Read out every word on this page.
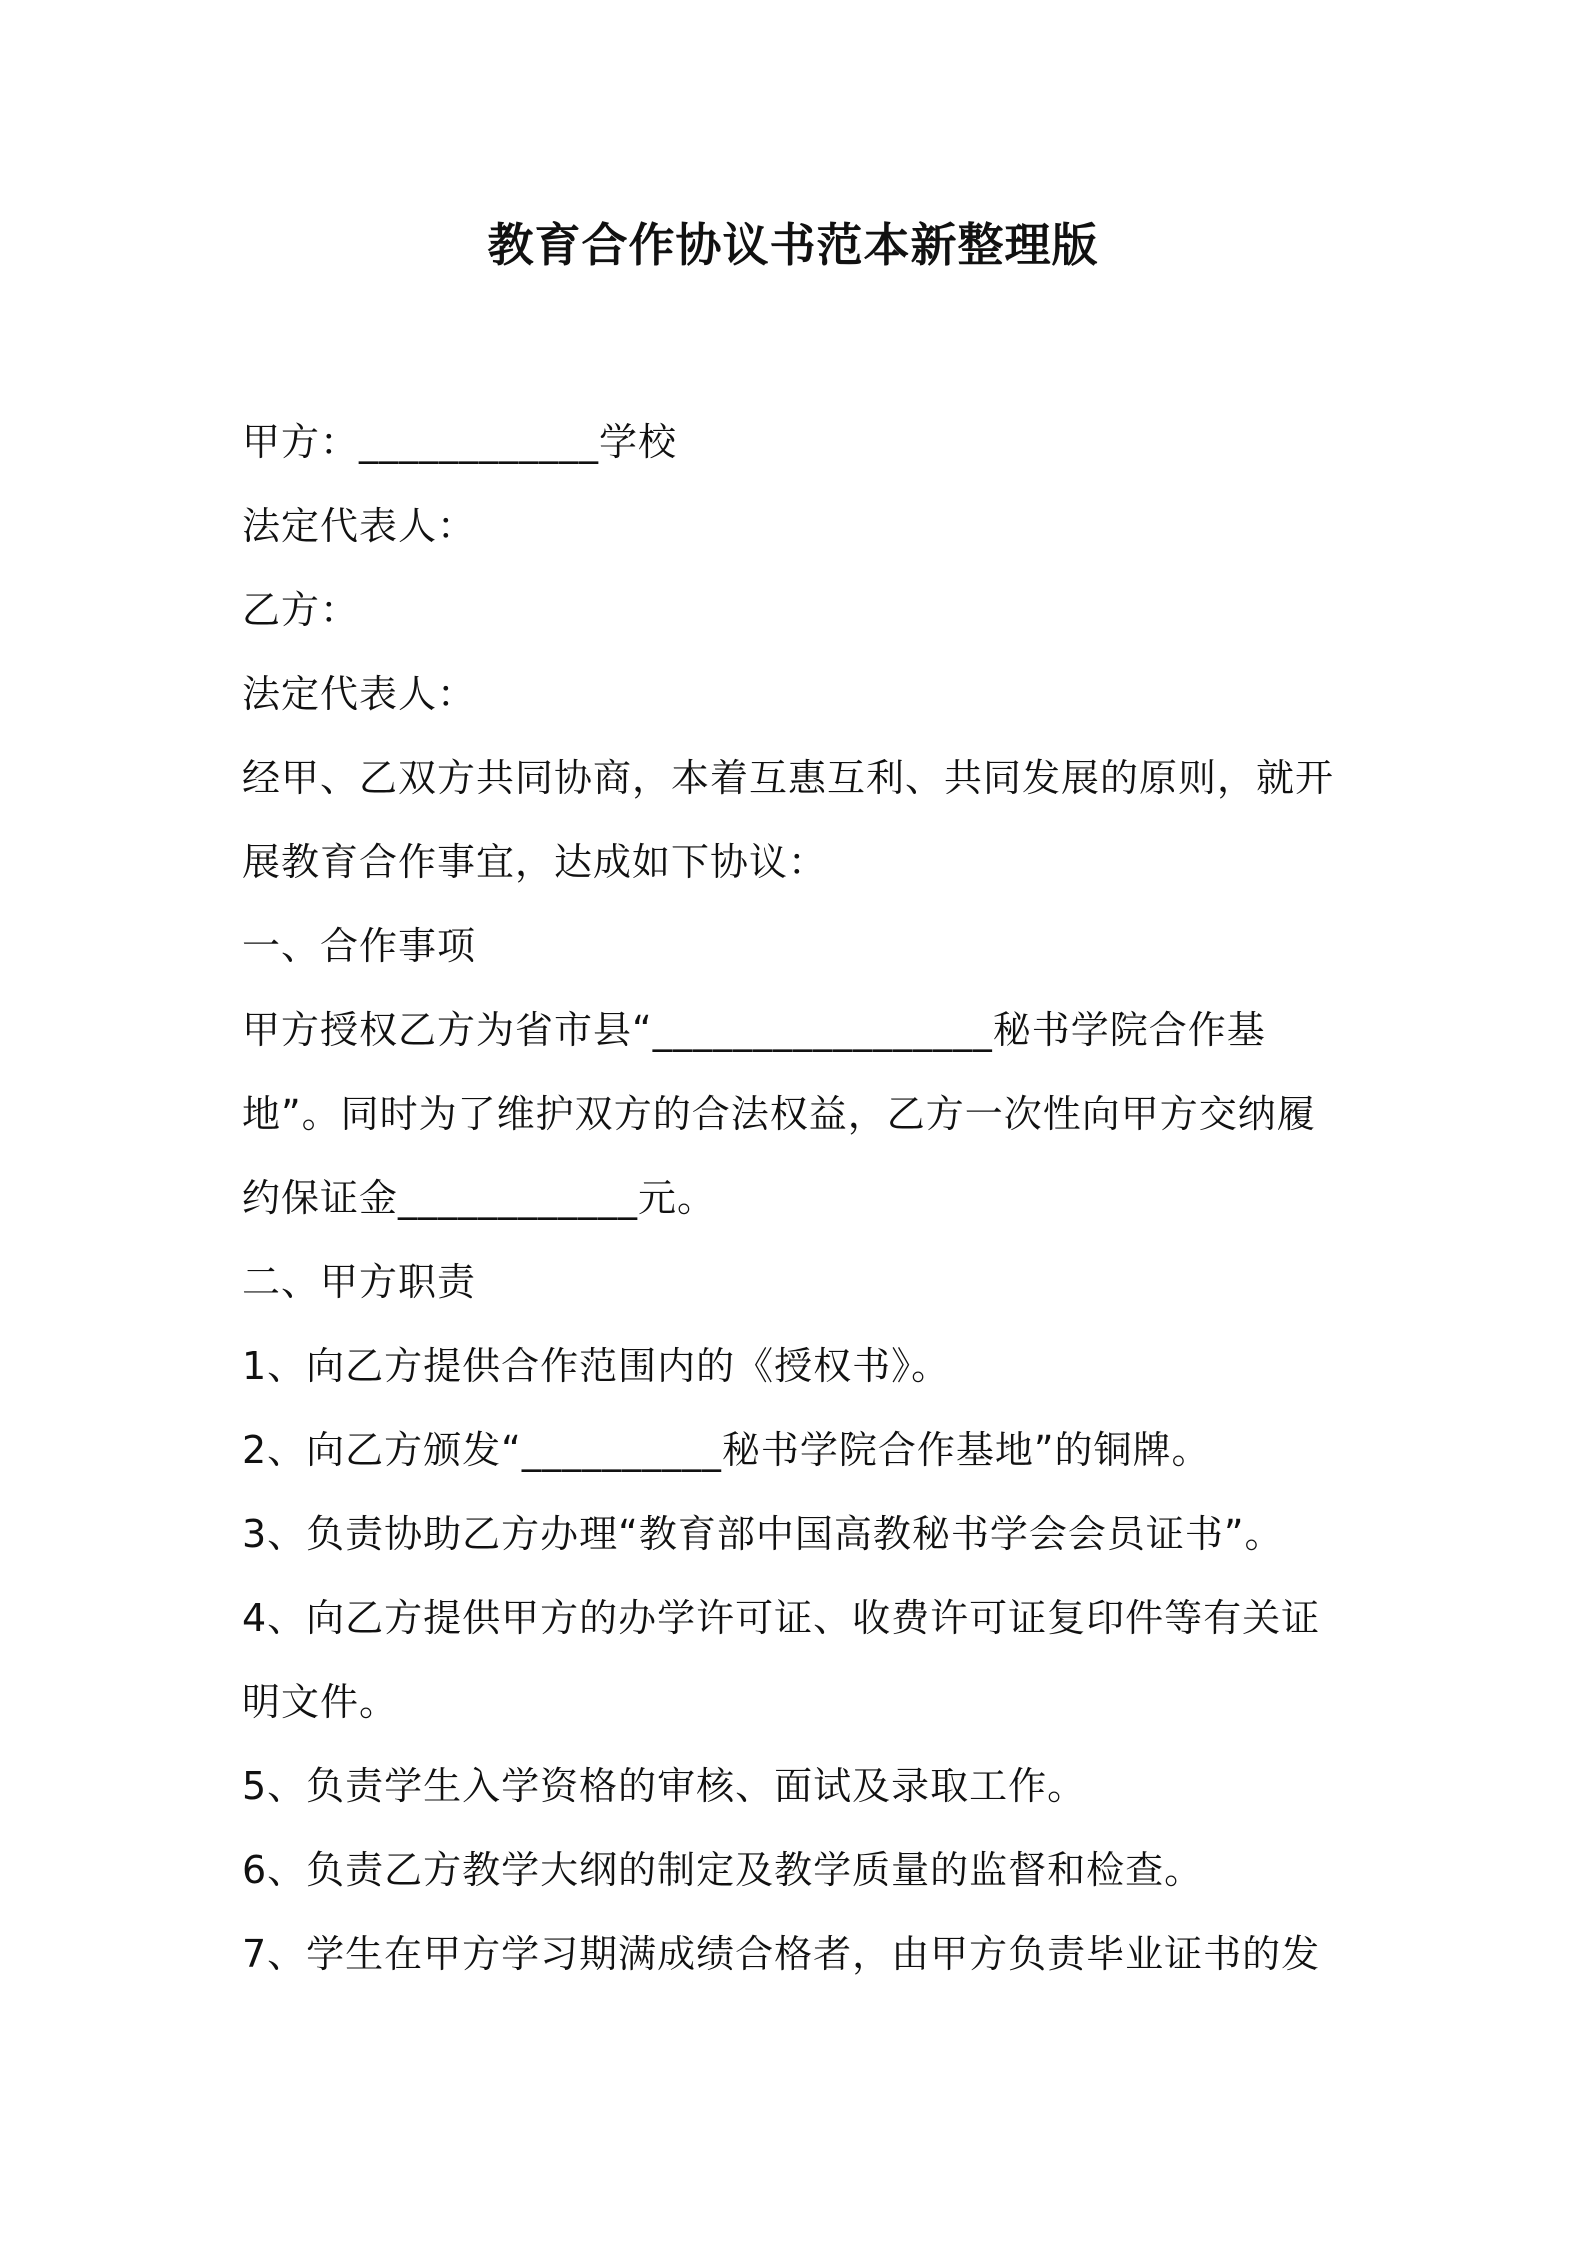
教育合作协议书范本新整理版
甲方：____________学校
法定代表人：
乙方：
法定代表人：
经甲、乙双方共同协商，本着互惠互利、共同发展的原则，就开
展教育合作事宜，达成如下协议：
一、合作事项
甲方授权乙方为省市县“_________________秘书学院合作基
地”。同时为了维护双方的合法权益，乙方一次性向甲方交纳履
约保证金____________元。
二、甲方职责
1、向乙方提供合作范围内的《授权书》。
2、向乙方颁发“__________秘书学院合作基地”的铜牌。
3、负责协助乙方办理“教育部中国高教秘书学会会员证书”。
4、向乙方提供甲方的办学许可证、收费许可证复印件等有关证
明文件。
5、负责学生入学资格的审核、面试及录取工作。
6、负责乙方教学大纲的制定及教学质量的监督和检查。
7、学生在甲方学习期满成绩合格者，由甲方负责毕业证书的发
